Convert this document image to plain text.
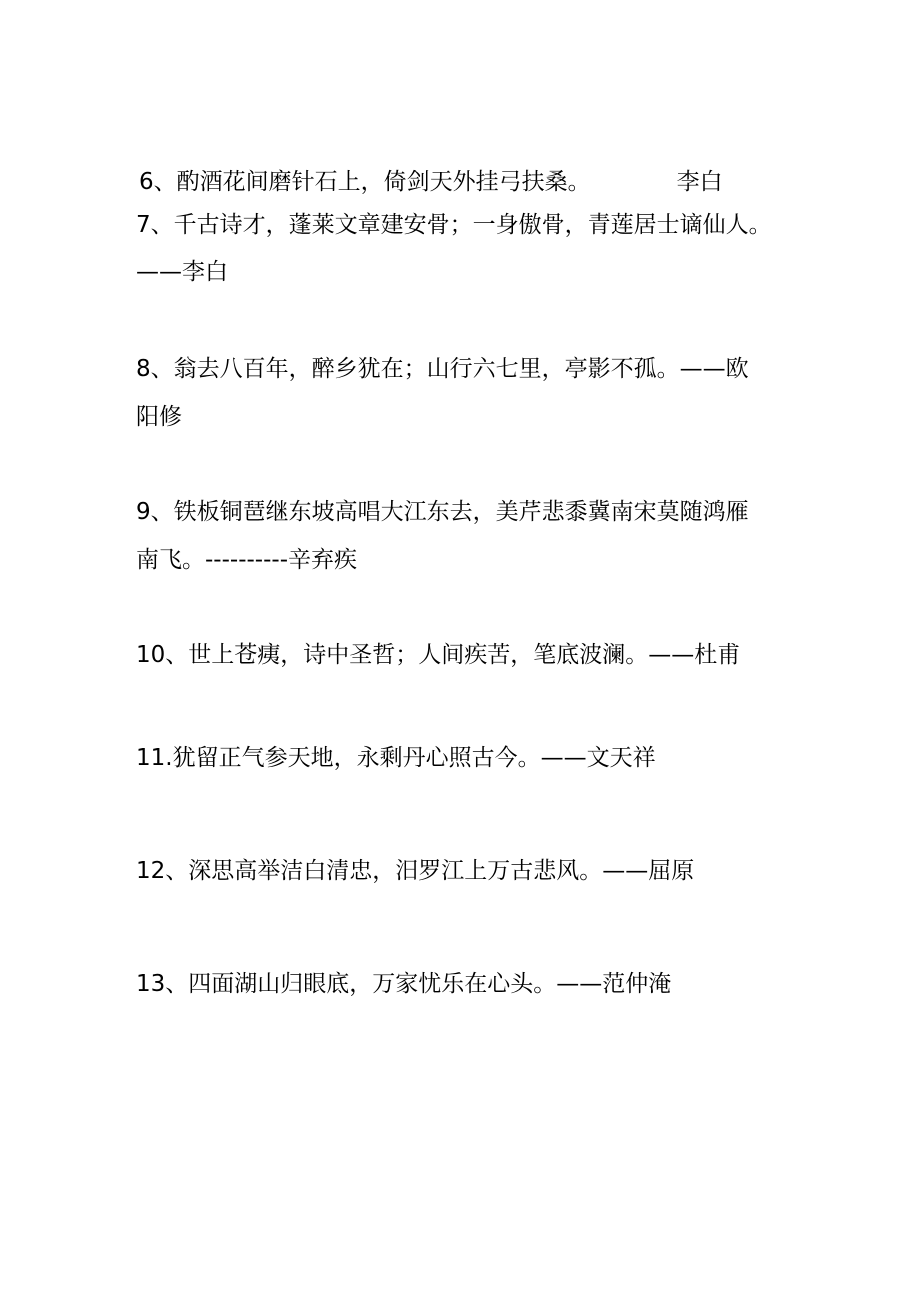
6、酌酒花间磨针石上，倚剑天外挂弓扶桑。	李白
7、千古诗才，蓬莱文章建安骨；一身傲骨，青莲居士谪仙人。
——李白
8、翁去八百年，醉乡犹在；山行六七里，亭影不孤。——欧
阳修
9、铁板铜琶继东坡高唱大江东去，美芹悲黍冀南宋莫随鸿雁
南飞。----------辛弃疾
10、世上苍痍，诗中圣哲；人间疾苦，笔底波澜。——杜甫
11.犹留正气参天地，永剩丹心照古今。——文天祥
12、深思高举洁白清忠，汨罗江上万古悲风。——屈原
13、四面湖山归眼底，万家忧乐在心头。——范仲淹
